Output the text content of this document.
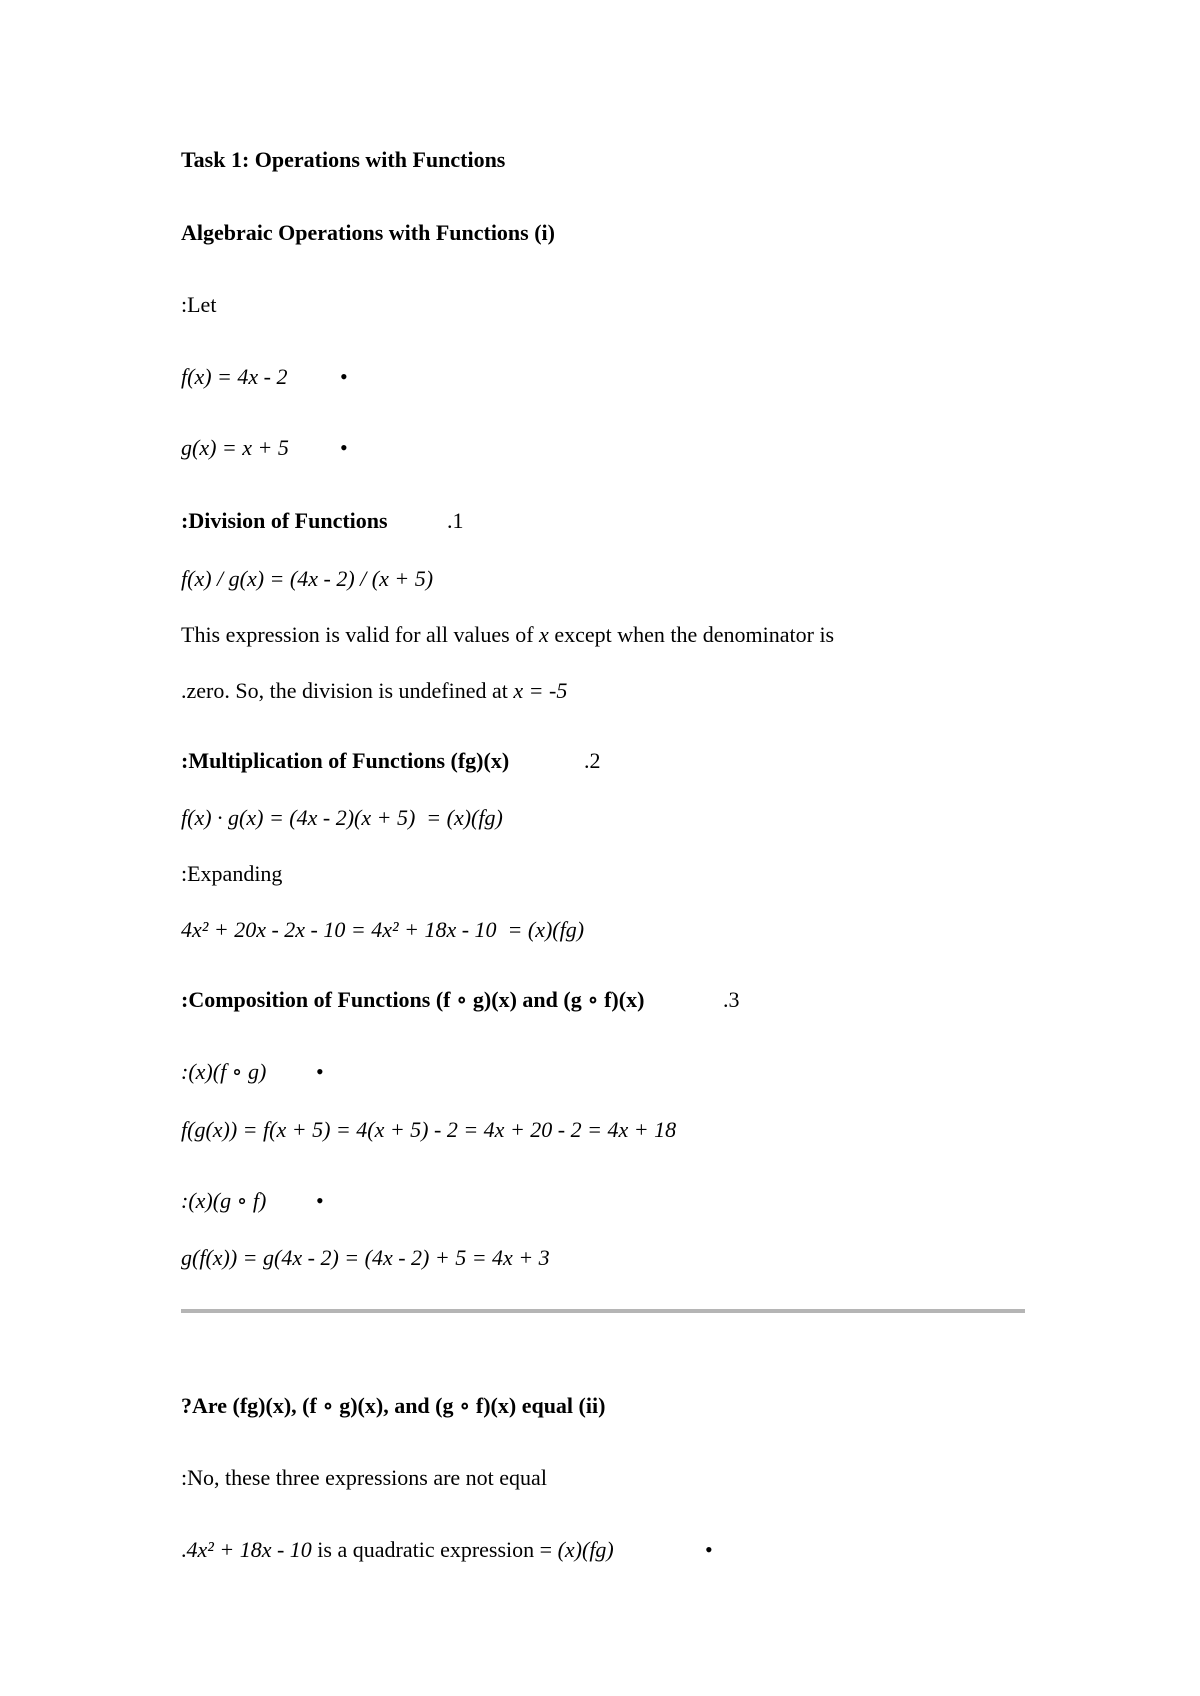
Task 1: Operations with Functions
Algebraic Operations with Functions (i)
:Let
f(x) = 4x - 2 •
g(x) = x + 5 •
:Division of Functions	.1
f(x) / g(x) = (4x - 2) / (x + 5)
This expression is valid for all values of x except when the denominator is
.zero. So, the division is undefined at x = -5
:Multiplication of Functions (fg)(x)	.2
f(x) · g(x) = (4x - 2)(x + 5)  = (x)(fg)
:Expanding
4x² + 20x - 2x - 10 = 4x² + 18x - 10  = (x)(fg)
:Composition of Functions (f ∘ g)(x) and (g ∘ f)(x)	.3
:(x)(f ∘ g) •
f(g(x)) = f(x + 5) = 4(x + 5) - 2 = 4x + 20 - 2 = 4x + 18
:(x)(g ∘ f) •
g(f(x)) = g(4x - 2) = (4x - 2) + 5 = 4x + 3
?Are (fg)(x), (f ∘ g)(x), and (g ∘ f)(x) equal (ii)
:No, these three expressions are not equal
.4x² + 18x - 10 is a quadratic expression = (x)(fg)	•
